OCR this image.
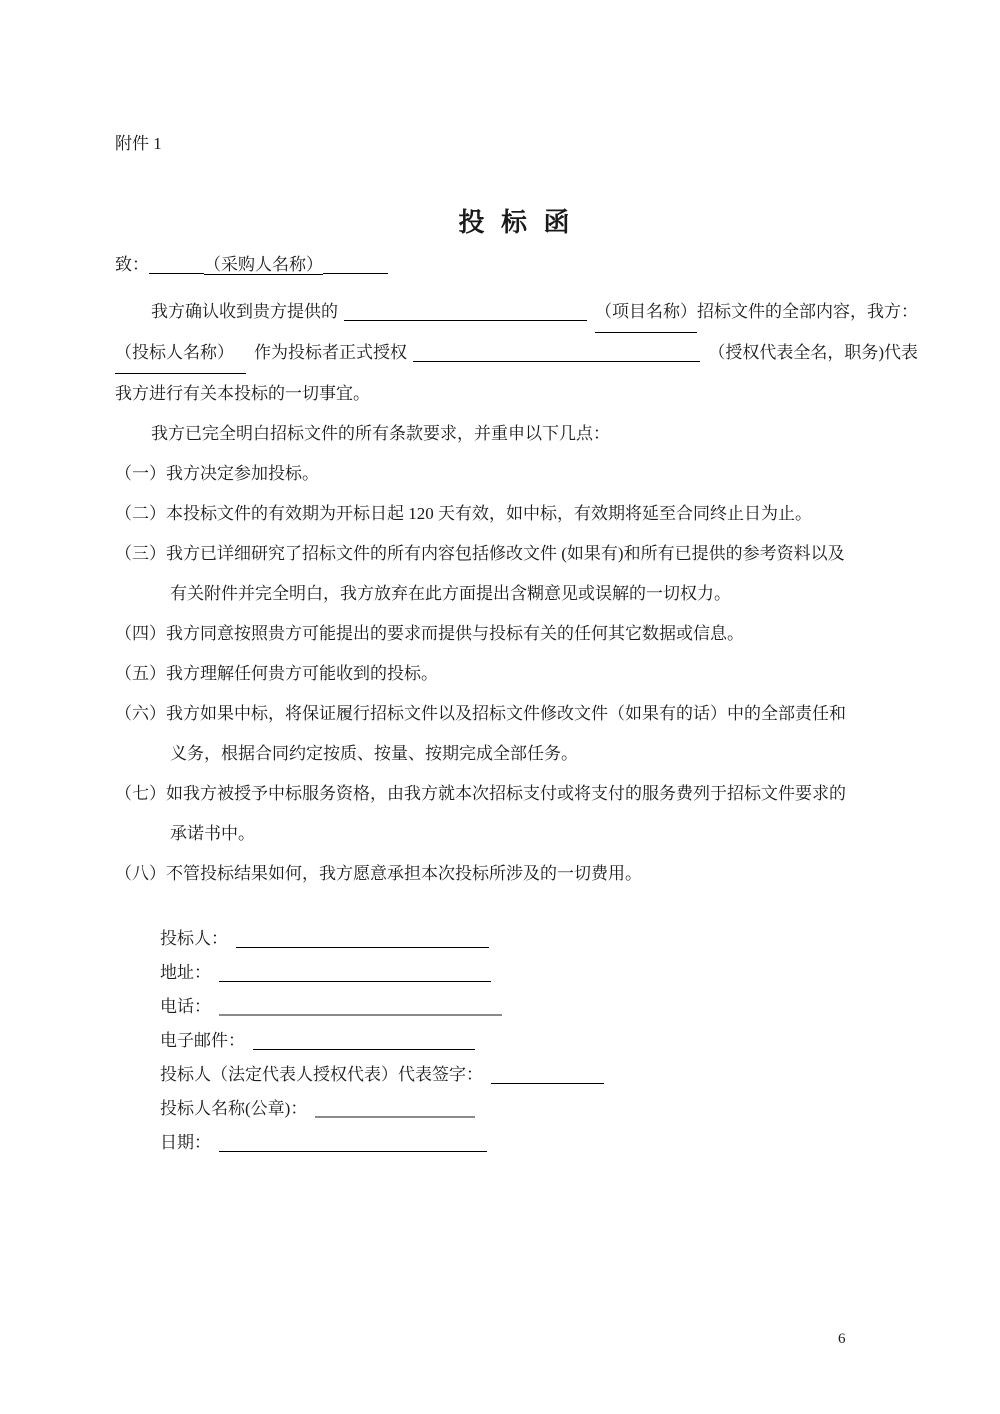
附件 1
投 标 函
致：	（采购人名称）
我方确认收到贵方提供的	（项目名称） 招标文件的全部内容，我方：
（投标人名称）	作为投标者正式授权	（授权代表全名，职务)代表
我方进行有关本投标的一切事宜。
我方已完全明白招标文件的所有条款要求，并重申以下几点：
（一）我方决定参加投标。
（二）本投标文件的有效期为开标日起 120 天有效，如中标，有效期将延至合同终止日为止。
（三）我方已详细研究了招标文件的所有内容包括修改文件 (如果有)和所有已提供的参考资料以及
有关附件并完全明白，我方放弃在此方面提出含糊意见或误解的一切权力。
（四）我方同意按照贵方可能提出的要求而提供与投标有关的任何其它数据或信息。
（五）我方理解任何贵方可能收到的投标。
（六）我方如果中标，将保证履行招标文件以及招标文件修改文件（如果有的话）中的全部责任和
义务，根据合同约定按质、按量、按期完成全部任务。
（七）如我方被授予中标服务资格，由我方就本次招标支付或将支付的服务费列于招标文件要求的
承诺书中。
（八）不管投标结果如何，我方愿意承担本次投标所涉及的一切费用。
投标人：
地址：
电话：
电子邮件：
投标人（法定代表人授权代表）代表签字：
投标人名称(公章)：
日期：
6
